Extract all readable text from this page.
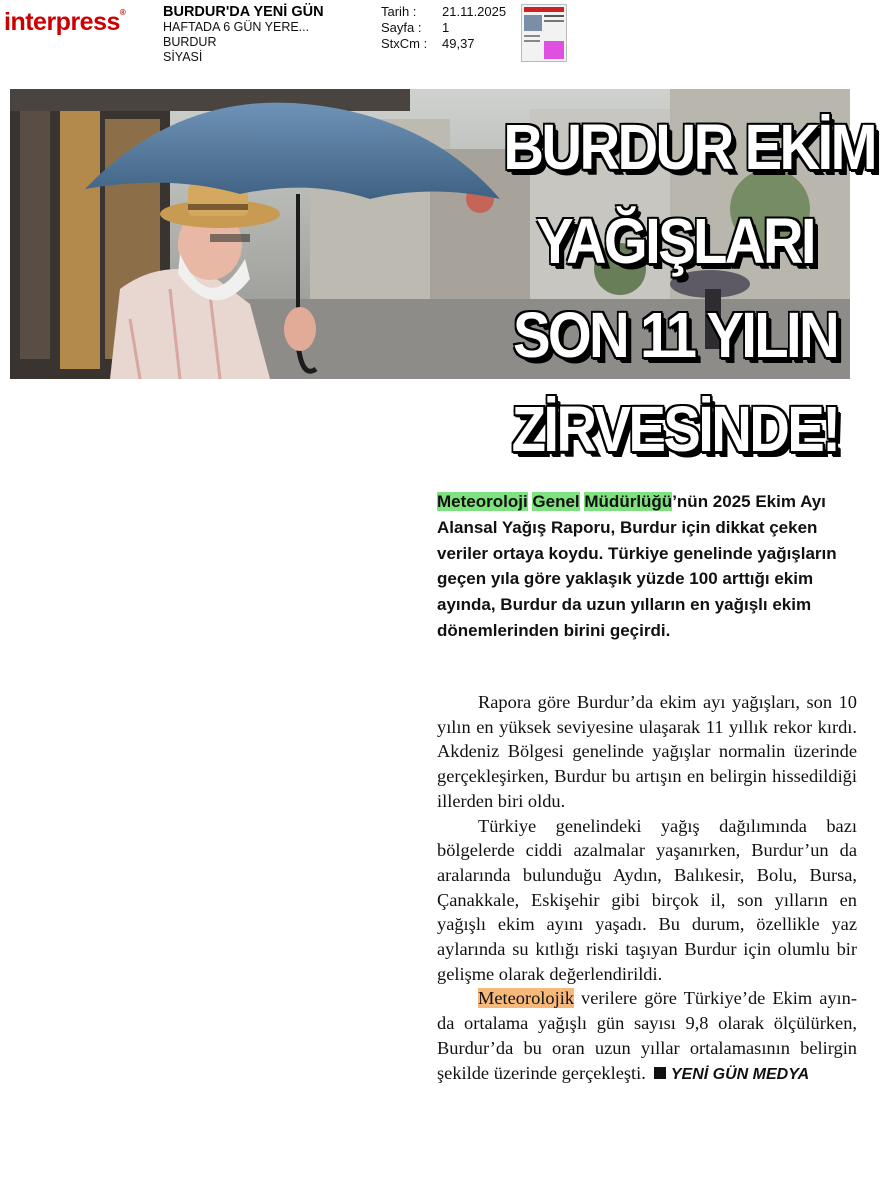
interpress®	BURDUR'DA YENİ GÜN
HAFTADA 6 GÜN YERE...
BURDUR
SİYASİ
Tarih :	21.11.2025
Sayfa :	1
StxCm :	49,37
BURDUR EKİM
YAĞIŞLARI
SON 11 YILIN
ZİRVESİNDE!
Meteoroloji Genel Müdürlüğü’nün 2025 Ekim Ayı Alansal Yağış Raporu, Burdur için dikkat çeken veriler ortaya koydu. Türkiye genelinde yağışların geçen yıla göre yaklaşık yüzde 100 arttığı ekim ayında, Burdur da uzun yılların en yağışlı ekim dönemlerinden birini geçirdi.

Rapora göre Burdur’da ekim ayı yağışları, son 10 yılın en yüksek seviyesine ulaşarak 11 yıllık rekor kırdı. Akdeniz Bölgesi genelinde yağışlar normalin üzerinde gerçekleşirken, Burdur bu artışın en belirgin hissedildiği illerden biri oldu.

Türkiye genelindeki yağış dağılımında bazı bölgelerde ciddi azalmalar yaşanırken, Burdur’un da aralarında bulunduğu Aydın, Balıkesir, Bolu, Bursa, Çanakkale, Eskişehir gibi birçok il, son yılların en yağışlı ekim ayını yaşadı. Bu durum, özellikle yaz aylarında su kıtlığı riski taşıyan Burdur için olumlu bir gelişme olarak değerlendirildi.

Meteorolojik verilere göre Türkiye’de Ekim ayın- da ortalama yağışlı gün sayısı 9,8 olarak ölçülürken, Burdur’da bu oran uzun yıllar ortalamasının belirgin şekilde üzerinde gerçekleşti. YENİ GÜN MEDYA
